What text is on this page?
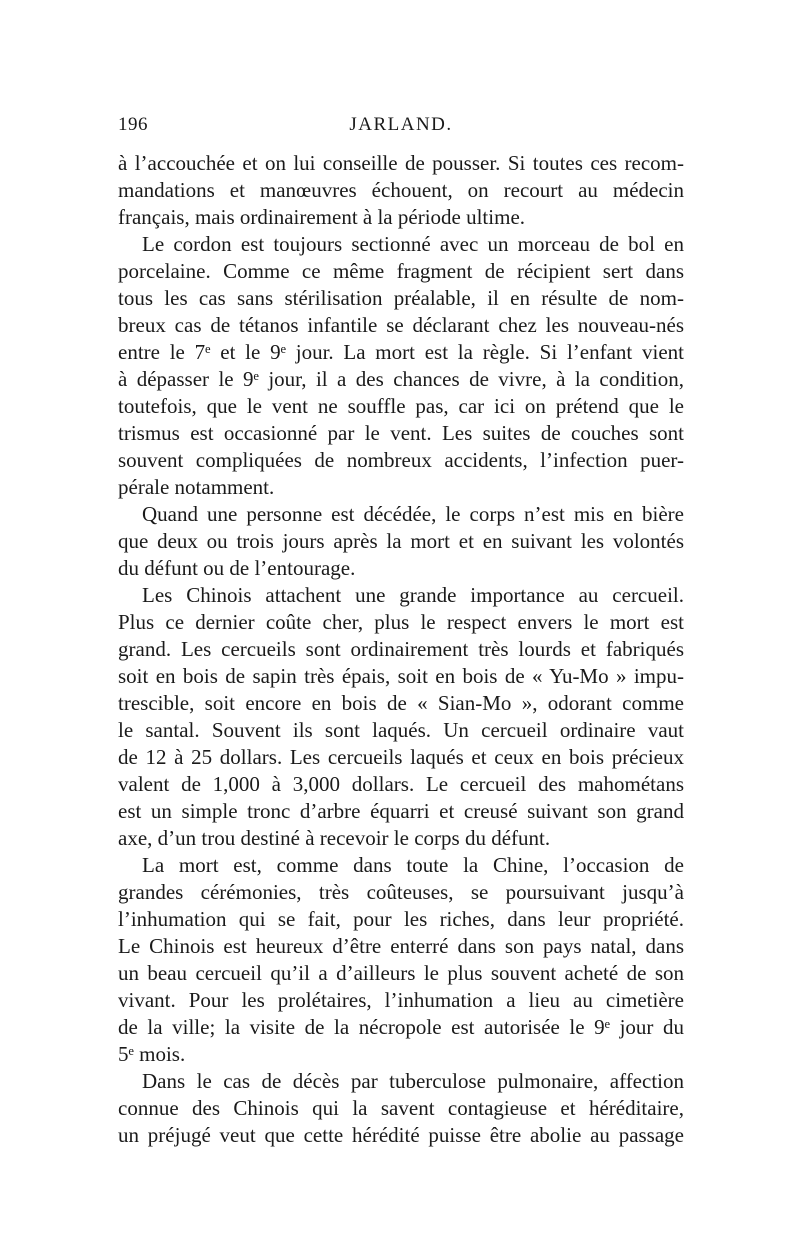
196	JARLAND.
à l’accouchée et on lui conseille de pousser. Si toutes ces recom-
mandations et manœuvres échouent, on recourt au médecin
français, mais ordinairement à la période ultime.
Le cordon est toujours sectionné avec un morceau de bol en
porcelaine. Comme ce même fragment de récipient sert dans
tous les cas sans stérilisation préalable, il en résulte de nom-
breux cas de tétanos infantile se déclarant chez les nouveau-nés
entre le 7ᵉ et le 9ᵉ jour. La mort est la règle. Si l’enfant vient
à dépasser le 9ᵉ jour, il a des chances de vivre, à la condition,
toutefois, que le vent ne souffle pas, car ici on prétend que le
trismus est occasionné par le vent. Les suites de couches sont
souvent compliquées de nombreux accidents, l’infection puer-
pérale notamment.
Quand une personne est décédée, le corps n’est mis en bière
que deux ou trois jours après la mort et en suivant les volontés
du défunt ou de l’entourage.
Les Chinois attachent une grande importance au cercueil.
Plus ce dernier coûte cher, plus le respect envers le mort est
grand. Les cercueils sont ordinairement très lourds et fabriqués
soit en bois de sapin très épais, soit en bois de « Yu-Mo » impu-
trescible, soit encore en bois de « Sian-Mo », odorant comme
le santal. Souvent ils sont laqués. Un cercueil ordinaire vaut
de 12 à 25 dollars. Les cercueils laqués et ceux en bois précieux
valent de 1,000 à 3,000 dollars. Le cercueil des mahométans
est un simple tronc d’arbre équarri et creusé suivant son grand
axe, d’un trou destiné à recevoir le corps du défunt.
La mort est, comme dans toute la Chine, l’occasion de
grandes cérémonies, très coûteuses, se poursuivant jusqu’à
l’inhumation qui se fait, pour les riches, dans leur propriété.
Le Chinois est heureux d’être enterré dans son pays natal, dans
un beau cercueil qu’il a d’ailleurs le plus souvent acheté de son
vivant. Pour les prolétaires, l’inhumation a lieu au cimetière
de la ville; la visite de la nécropole est autorisée le 9ᵉ jour du
5ᵉ mois.
Dans le cas de décès par tuberculose pulmonaire, affection
connue des Chinois qui la savent contagieuse et héréditaire,
un préjugé veut que cette hérédité puisse être abolie au passage
